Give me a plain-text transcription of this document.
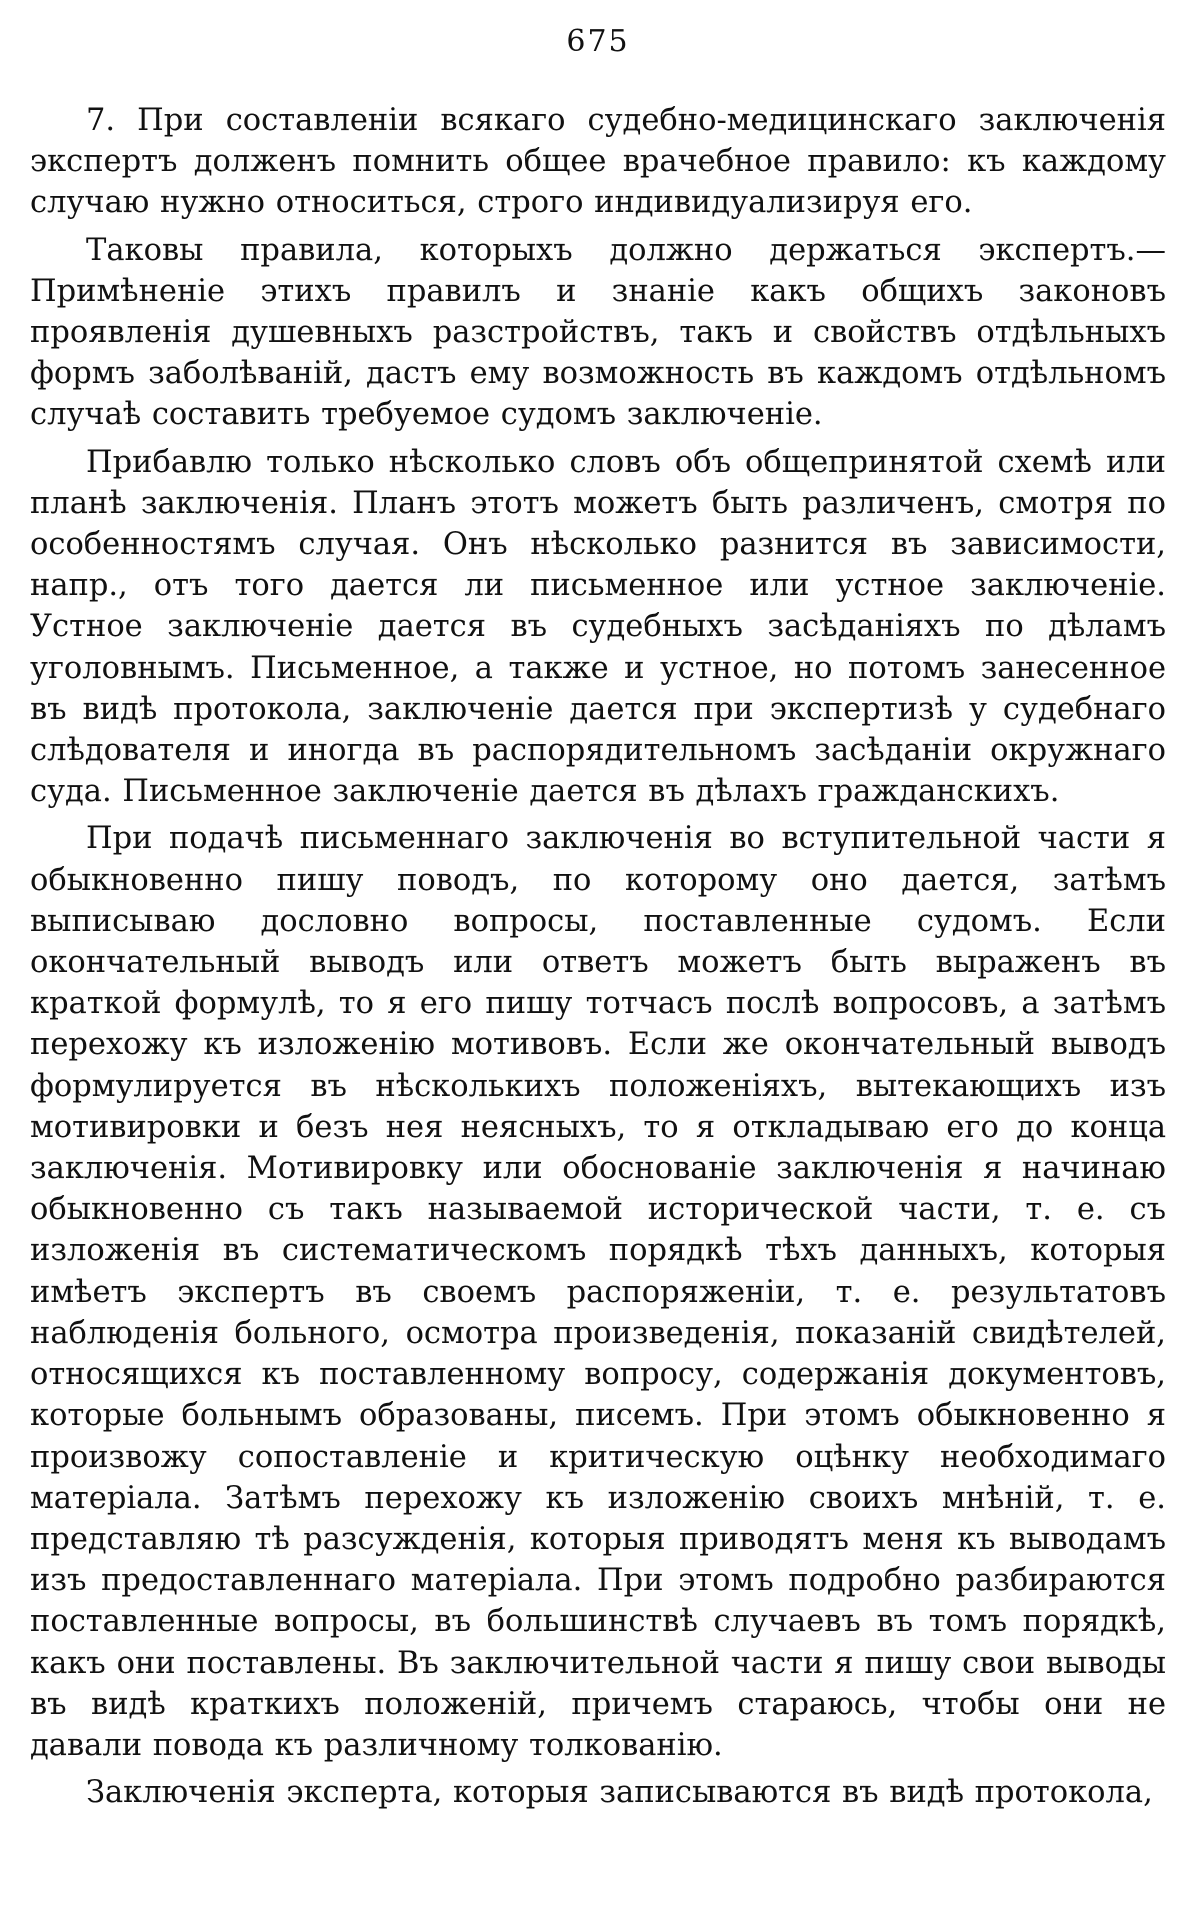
675

7. При составленіи всякаго судебно-медицинскаго заключенія экспертъ долженъ помнить общее врачебное правило: къ каждому случаю нужно относиться, строго индивидуализируя его.

Таковы правила, которыхъ должно держаться экспертъ.— Примѣненіе этихъ правилъ и знаніе какъ общихъ законовъ проявленія душевныхъ разстройствъ, такъ и свойствъ отдѣльныхъ формъ заболѣваній, дастъ ему возможность въ каждомъ отдѣльномъ случаѣ составить требуемое судомъ заключеніе.

Прибавлю только нѣсколько словъ объ общепринятой схемѣ или планѣ заключенія. Планъ этотъ можетъ быть различенъ, смотря по особенностямъ случая. Онъ нѣсколько разнится въ зависимости, напр., отъ того дается ли письменное или устное заключеніе. Устное заключеніе дается въ судебныхъ засѣданіяхъ по дѣламъ уголовнымъ. Письменное, а также и устное, но потомъ занесенное въ видѣ протокола, заключеніе дается при экспертизѣ у судебнаго слѣдователя и иногда въ распорядительномъ засѣданіи окружнаго суда. Письменное заключеніе дается въ дѣлахъ гражданскихъ.

При подачѣ письменнаго заключенія во вступительной части я обыкновенно пишу поводъ, по которому оно дается, затѣмъ выписываю дословно вопросы, поставленные судомъ. Если окончательный выводъ или ответъ можетъ быть выраженъ въ краткой формулѣ, то я его пишу тотчасъ послѣ вопросовъ, а затѣмъ перехожу къ изложенію мотивовъ. Если же окончательный выводъ формулируется въ нѣсколькихъ положеніяхъ, вытекающихъ изъ мотивировки и безъ нея неясныхъ, то я откладываю его до конца заключенія. Мотивировку или обоснованіе заключенія я начинаю обыкновенно съ такъ называемой исторической части, т. е. съ изложенія въ систематическомъ порядкѣ тѣхъ данныхъ, которыя имѣетъ экспертъ въ своемъ распоряженіи, т. е. результатовъ наблюденія больного, осмотра произведенія, показаній свидѣтелей, относящихся къ поставленному вопросу, содержанія документовъ, которые больнымъ образованы, писемъ. При этомъ обыкновенно я произвожу сопоставленіе и критическую оцѣнку необходимаго матеріала. Затѣмъ перехожу къ изложенію своихъ мнѣній, т. е. представляю тѣ разсужденія, которыя приводятъ меня къ выводамъ изъ предоставленнаго матеріала. При этомъ подробно разбираются поставленные вопросы, въ большинствѣ случаевъ въ томъ порядкѣ, какъ они поставлены. Въ заключительной части я пишу свои выводы въ видѣ краткихъ положеній, причемъ стараюсь, чтобы они не давали повода къ различному толкованію.

Заключенія эксперта, которыя записываются въ видѣ протокола,
